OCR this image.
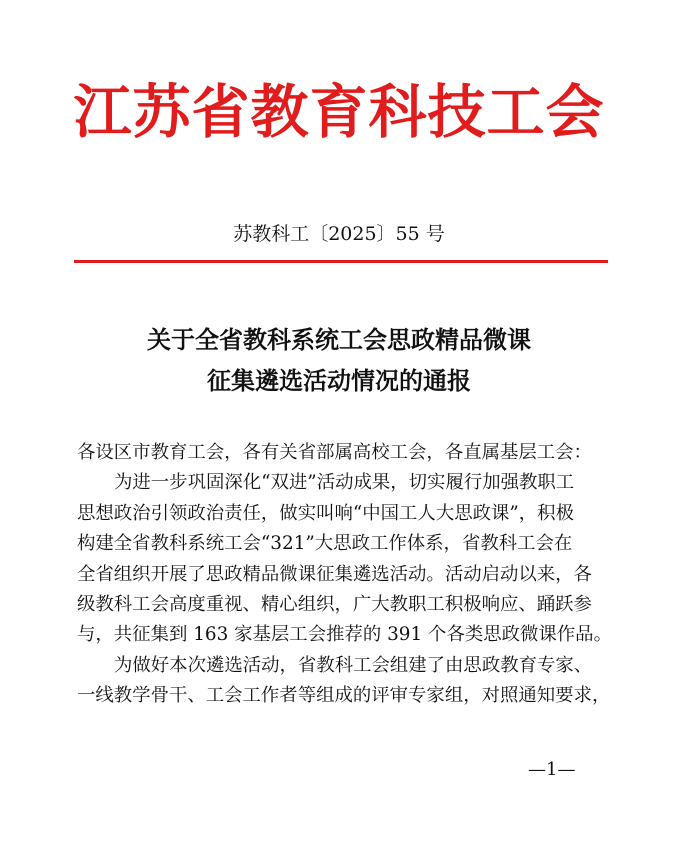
江苏省教育科技工会
苏教科工〔2025〕55 号
关于全省教科系统工会思政精品微课
征集遴选活动情况的通报

各设区市教育工会，各有关省部属高校工会，各直属基层工会：

为进一步巩固深化“双进”活动成果，切实履行加强教职工

思想政治引领政治责任，做实叫响“中国工人大思政课”，积极

构建全省教科系统工会“321”大思政工作体系，省教科工会在

全省组织开展了思政精品微课征集遴选活动。活动启动以来，各

级教科工会高度重视、精心组织，广大教职工积极响应、踊跃参

与，共征集到 163 家基层工会推荐的 391 个各类思政微课作品。

为做好本次遴选活动，省教科工会组建了由思政教育专家、

一线教学骨干、工会工作者等组成的评审专家组，对照通知要求，

—1—
